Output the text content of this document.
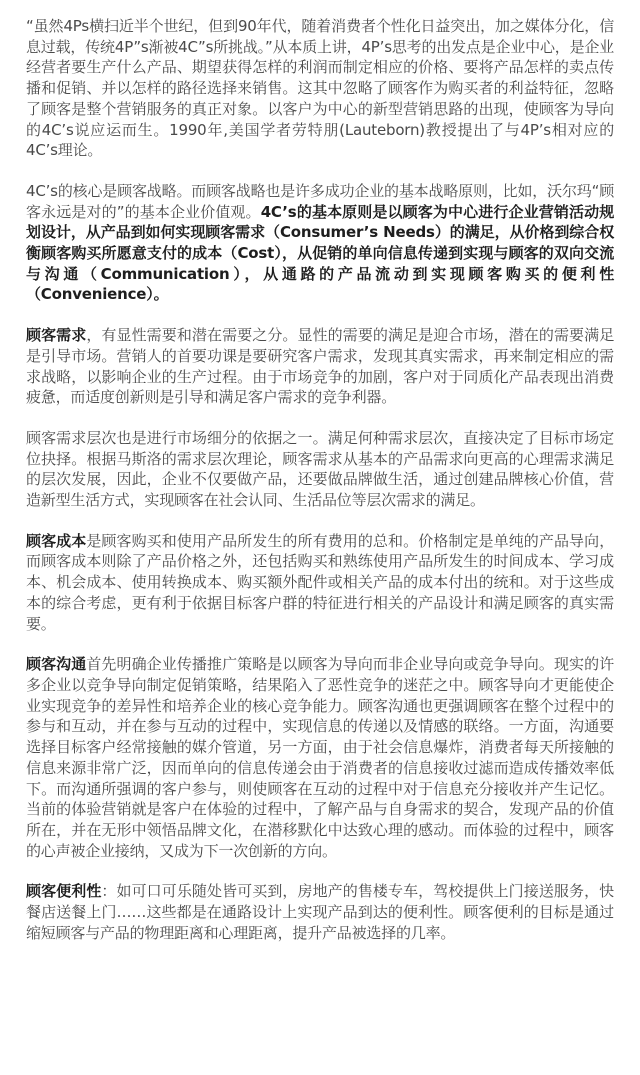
“虽然4Ps横扫近半个世纪，但到90年代，随着消费者个性化日益突出，加之媒体分化，信息过载，传统4P”s渐被4C”s所挑战。”从本质上讲，4P’s思考的出发点是企业中心，是企业经营者要生产什么产品、期望获得怎样的利润而制定相应的价格、要将产品怎样的卖点传播和促销、并以怎样的路径选择来销售。这其中忽略了顾客作为购买者的利益特征，忽略了顾客是整个营销服务的真正对象。以客户为中心的新型营销思路的出现，使顾客为导向的4C’s说应运而生。1990年,美国学者劳特朋(Lauteborn)教授提出了与4P’s相对应的4C’s理论。

4C’s的核心是顾客战略。而顾客战略也是许多成功企业的基本战略原则，比如，沃尔玛“顾客永远是对的”的基本企业价值观。4C’s的基本原则是以顾客为中心进行企业营销活动规划设计，从产品到如何实现顾客需求（Consumer’s Needs）的满足，从价格到综合权衡顾客购买所愿意支付的成本（Cost），从促销的单向信息传递到实现与顾客的双向交流与沟通（Communication），从通路的产品流动到实现顾客购买的便利性（Convenience）。

顾客需求，有显性需要和潜在需要之分。显性的需要的满足是迎合市场，潜在的需要满足是引导市场。营销人的首要功课是要研究客户需求，发现其真实需求，再来制定相应的需求战略，以影响企业的生产过程。由于市场竞争的加剧，客户对于同质化产品表现出消费疲惫，而适度创新则是引导和满足客户需求的竞争利器。

顾客需求层次也是进行市场细分的依据之一。满足何种需求层次，直接决定了目标市场定位抉择。根据马斯洛的需求层次理论，顾客需求从基本的产品需求向更高的心理需求满足的层次发展，因此，企业不仅要做产品，还要做品牌做生活，通过创建品牌核心价值，营造新型生活方式，实现顾客在社会认同、生活品位等层次需求的满足。

顾客成本是顾客购买和使用产品所发生的所有费用的总和。价格制定是单纯的产品导向，而顾客成本则除了产品价格之外，还包括购买和熟练使用产品所发生的时间成本、学习成本、机会成本、使用转换成本、购买额外配件或相关产品的成本付出的统和。对于这些成本的综合考虑，更有利于依据目标客户群的特征进行相关的产品设计和满足顾客的真实需要。

顾客沟通首先明确企业传播推广策略是以顾客为导向而非企业导向或竞争导向。现实的许多企业以竞争导向制定促销策略，结果陷入了恶性竞争的迷茫之中。顾客导向才更能使企业实现竞争的差异性和培养企业的核心竞争能力。顾客沟通也更强调顾客在整个过程中的参与和互动，并在参与互动的过程中，实现信息的传递以及情感的联络。一方面，沟通要选择目标客户经常接触的媒介管道，另一方面，由于社会信息爆炸，消费者每天所接触的信息来源非常广泛，因而单向的信息传递会由于消费者的信息接收过滤而造成传播效率低下。而沟通所强调的客户参与，则使顾客在互动的过程中对于信息充分接收并产生记忆。当前的体验营销就是客户在体验的过程中，了解产品与自身需求的契合，发现产品的价值所在，并在无形中领悟品牌文化，在潜移默化中达致心理的感动。而体验的过程中，顾客的心声被企业接纳，又成为下一次创新的方向。

顾客便利性：如可口可乐随处皆可买到，房地产的售楼专车，驾校提供上门接送服务，快餐店送餐上门……这些都是在通路设计上实现产品到达的便利性。顾客便利的目标是通过缩短顾客与产品的物理距离和心理距离，提升产品被选择的几率。
